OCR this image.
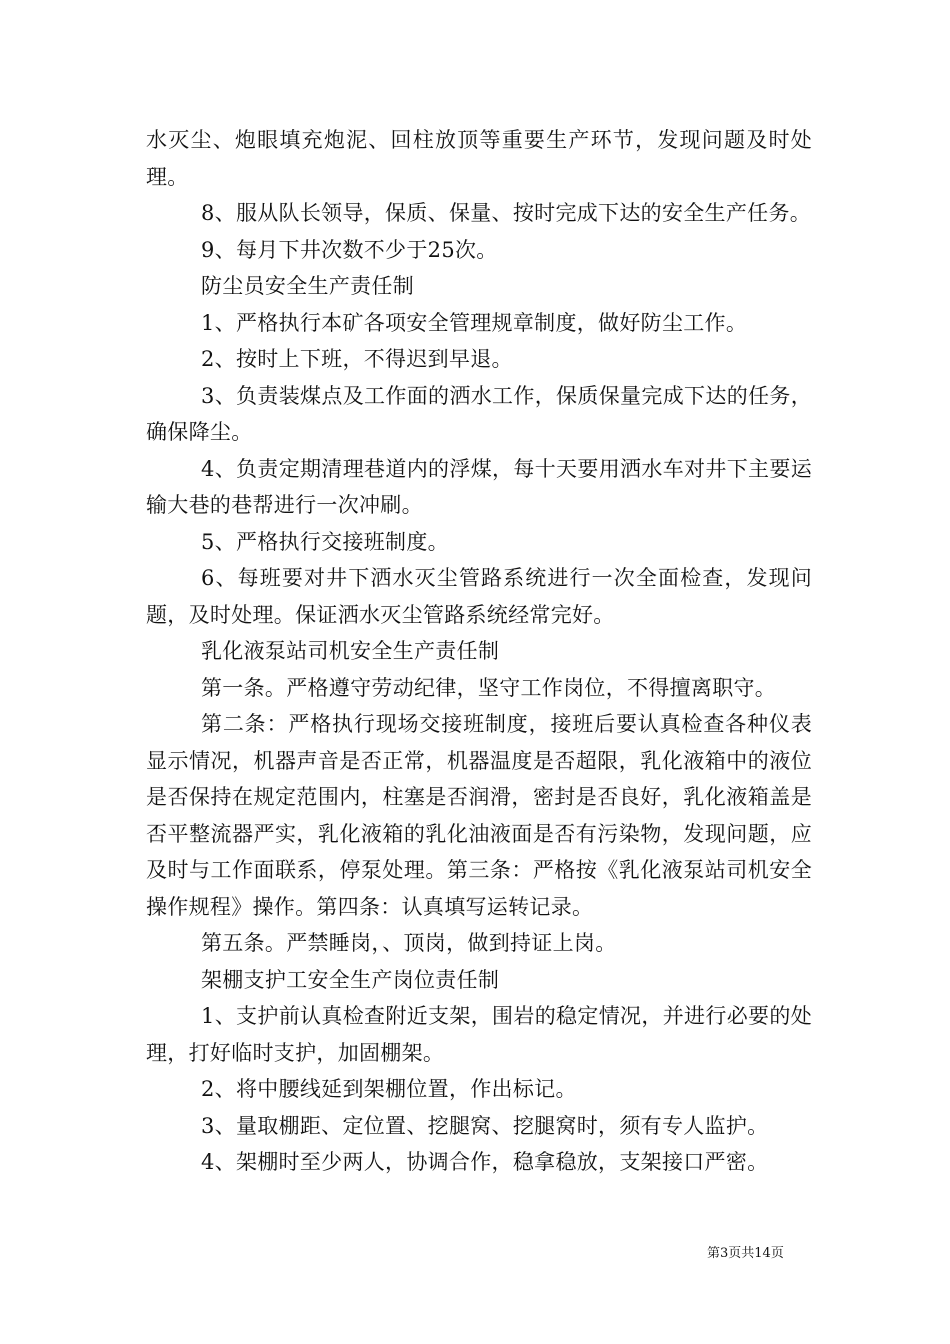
水灭尘、炮眼填充炮泥、回柱放顶等重要生产环节，发现问题及时处理。

8、服从队长领导，保质、保量、按时完成下达的安全生产任务。

9、每月下井次数不少于25次。

防尘员安全生产责任制

1、严格执行本矿各项安全管理规章制度，做好防尘工作。

2、按时上下班，不得迟到早退。

3、负责装煤点及工作面的洒水工作，保质保量完成下达的任务，确保降尘。

4、负责定期清理巷道内的浮煤，每十天要用洒水车对井下主要运输大巷的巷帮进行一次冲刷。

5、严格执行交接班制度。

6、每班要对井下洒水灭尘管路系统进行一次全面检查，发现问题，及时处理。保证洒水灭尘管路系统经常完好。

乳化液泵站司机安全生产责任制

第一条。严格遵守劳动纪律，坚守工作岗位，不得擅离职守。

第二条：严格执行现场交接班制度，接班后要认真检查各种仪表显示情况，机器声音是否正常，机器温度是否超限，乳化液箱中的液位是否保持在规定范围内，柱塞是否润滑，密封是否良好，乳化液箱盖是否平整流器严实，乳化液箱的乳化油液面是否有污染物，发现问题，应及时与工作面联系，停泵处理。第三条：严格按《乳化液泵站司机安全操作规程》操作。第四条：认真填写运转记录。

第五条。严禁睡岗，、顶岗，做到持证上岗。

架棚支护工安全生产岗位责任制

1、支护前认真检查附近支架，围岩的稳定情况，并进行必要的处理，打好临时支护，加固棚架。

2、将中腰线延到架棚位置，作出标记。

3、量取棚距、定位置、挖腿窝、挖腿窝时，须有专人监护。

4、架棚时至少两人，协调合作，稳拿稳放，支架接口严密。

第3页共14页
